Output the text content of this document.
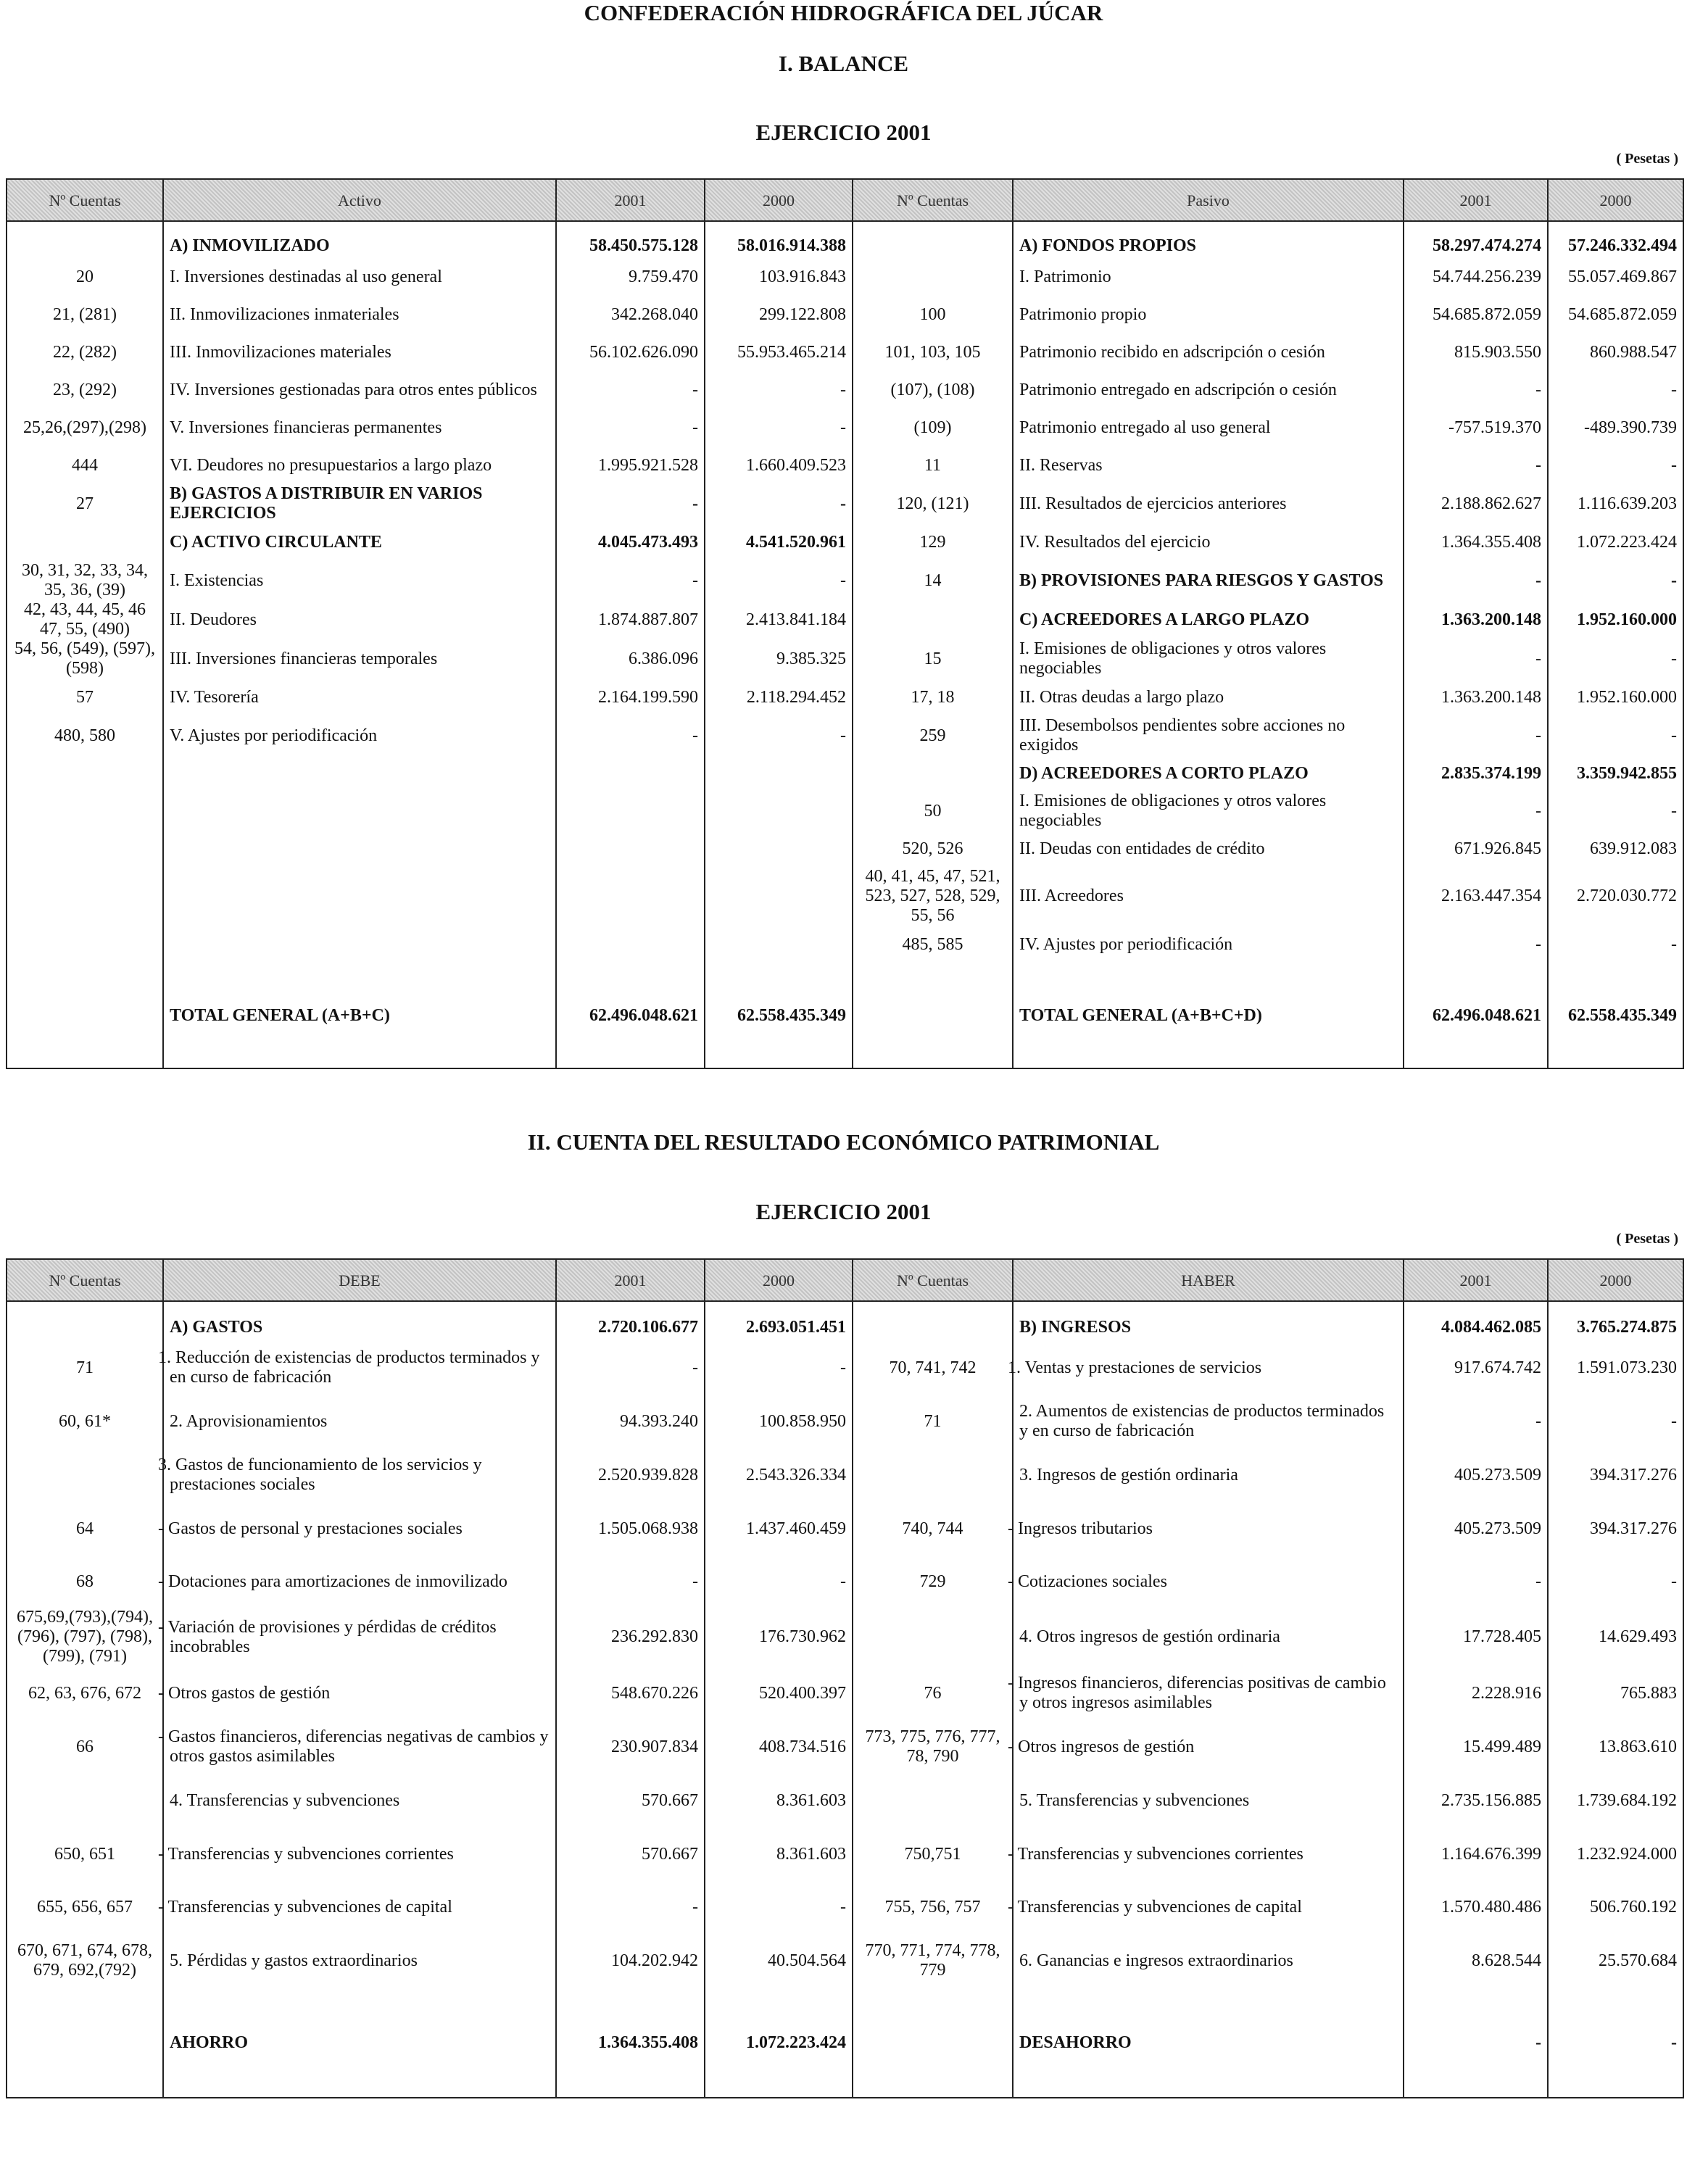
CONFEDERACIÓN HIDROGRÁFICA DEL JÚCAR
I. BALANCE
EJERCICIO 2001
( Pesetas )
Nº Cuentas	Activo	2001	2000	Nº Cuentas	Pasivo	2001	2000

	A) INMOVILIZADO	58.450.575.128	58.016.914.388		A) FONDOS PROPIOS	58.297.474.274	57.246.332.494
20	I. Inversiones destinadas al uso general	9.759.470	103.916.843		I. Patrimonio	54.744.256.239	55.057.469.867
21, (281)	II. Inmovilizaciones inmateriales	342.268.040	299.122.808	100	Patrimonio propio	54.685.872.059	54.685.872.059
22, (282)	III. Inmovilizaciones materiales	56.102.626.090	55.953.465.214	101, 103, 105	Patrimonio recibido en adscripción o cesión	815.903.550	860.988.547
23, (292)	IV. Inversiones gestionadas para otros entes públicos	-	-	(107), (108)	Patrimonio entregado en adscripción o cesión	-	-
25,26,(297),(298)	V. Inversiones financieras permanentes	-	-	(109)	Patrimonio entregado al uso general	-757.519.370	-489.390.739
444	VI. Deudores no presupuestarios a largo plazo	1.995.921.528	1.660.409.523	11	II. Reservas	-	-
27	B) GASTOS A DISTRIBUIR EN VARIOS EJERCICIOS	-	-	120, (121)	III. Resultados de ejercicios anteriores	2.188.862.627	1.116.639.203
	C) ACTIVO CIRCULANTE	4.045.473.493	4.541.520.961	129	IV. Resultados del ejercicio	1.364.355.408	1.072.223.424
30, 31, 32, 33, 34, 35, 36, (39)	I. Existencias	-	-	14	B) PROVISIONES PARA RIESGOS Y GASTOS	-	-
42, 43, 44, 45, 46 47, 55, (490)	II. Deudores	1.874.887.807	2.413.841.184		C) ACREEDORES A LARGO PLAZO	1.363.200.148	1.952.160.000
54, 56, (549), (597), (598)	III. Inversiones financieras temporales	6.386.096	9.385.325	15	I. Emisiones de obligaciones y otros valores negociables	-	-
57	IV. Tesorería	2.164.199.590	2.118.294.452	17, 18	II. Otras deudas a largo plazo	1.363.200.148	1.952.160.000
480, 580	V. Ajustes por periodificación	-	-	259	III. Desembolsos pendientes sobre acciones no exigidos	-	-
					D) ACREEDORES A CORTO PLAZO	2.835.374.199	3.359.942.855
				50	I. Emisiones de obligaciones y otros valores negociables	-	-
				520, 526	II. Deudas con entidades de crédito	671.926.845	639.912.083
				40, 41, 45, 47, 521, 523, 527, 528, 529, 55, 56	III. Acreedores	2.163.447.354	2.720.030.772
				485, 585	IV. Ajustes por periodificación	-	-
	TOTAL GENERAL (A+B+C)	62.496.048.621	62.558.435.349		TOTAL GENERAL (A+B+C+D)	62.496.048.621	62.558.435.349
II. CUENTA DEL RESULTADO ECONÓMICO PATRIMONIAL
EJERCICIO 2001
( Pesetas )
Nº Cuentas	DEBE	2001	2000	Nº Cuentas	HABER	2001	2000

	A) GASTOS	2.720.106.677	2.693.051.451		B) INGRESOS	4.084.462.085	3.765.274.875
71	1. Reducción de existencias de productos terminados y en curso de fabricación	-	-	70, 741, 742	1. Ventas y prestaciones de servicios	917.674.742	1.591.073.230
60, 61*	2. Aprovisionamientos	94.393.240	100.858.950	71	2. Aumentos de existencias de productos terminados y en curso de fabricación	-	-
	3. Gastos de funcionamiento de los servicios y prestaciones sociales	2.520.939.828	2.543.326.334		3. Ingresos de gestión ordinaria	405.273.509	394.317.276
64	- Gastos de personal y prestaciones sociales	1.505.068.938	1.437.460.459	740, 744	- Ingresos tributarios	405.273.509	394.317.276
68	- Dotaciones para amortizaciones de inmovilizado	-	-	729	- Cotizaciones sociales	-	-
675,69,(793),(794), (796), (797), (798), (799), (791)	- Variación de provisiones y pérdidas de créditos incobrables	236.292.830	176.730.962		4. Otros ingresos de gestión ordinaria	17.728.405	14.629.493
62, 63, 676, 672	- Otros gastos de gestión	548.670.226	520.400.397	76	- Ingresos financieros, diferencias positivas de cambio y otros ingresos asimilables	2.228.916	765.883
66	- Gastos financieros, diferencias negativas de cambios y otros gastos asimilables	230.907.834	408.734.516	773, 775, 776, 777, 78, 790	- Otros ingresos de gestión	15.499.489	13.863.610
	4. Transferencias y subvenciones	570.667	8.361.603		5. Transferencias y subvenciones	2.735.156.885	1.739.684.192
650, 651	- Transferencias y subvenciones corrientes	570.667	8.361.603	750,751	- Transferencias y subvenciones corrientes	1.164.676.399	1.232.924.000
655, 656, 657	- Transferencias y subvenciones de capital	-	-	755, 756, 757	- Transferencias y subvenciones de capital	1.570.480.486	506.760.192
670, 671, 674, 678, 679, 692,(792)	5. Pérdidas y gastos extraordinarios	104.202.942	40.504.564	770, 771, 774, 778, 779	6. Ganancias e ingresos extraordinarios	8.628.544	25.570.684
	AHORRO	1.364.355.408	1.072.223.424		DESAHORRO	-	-
